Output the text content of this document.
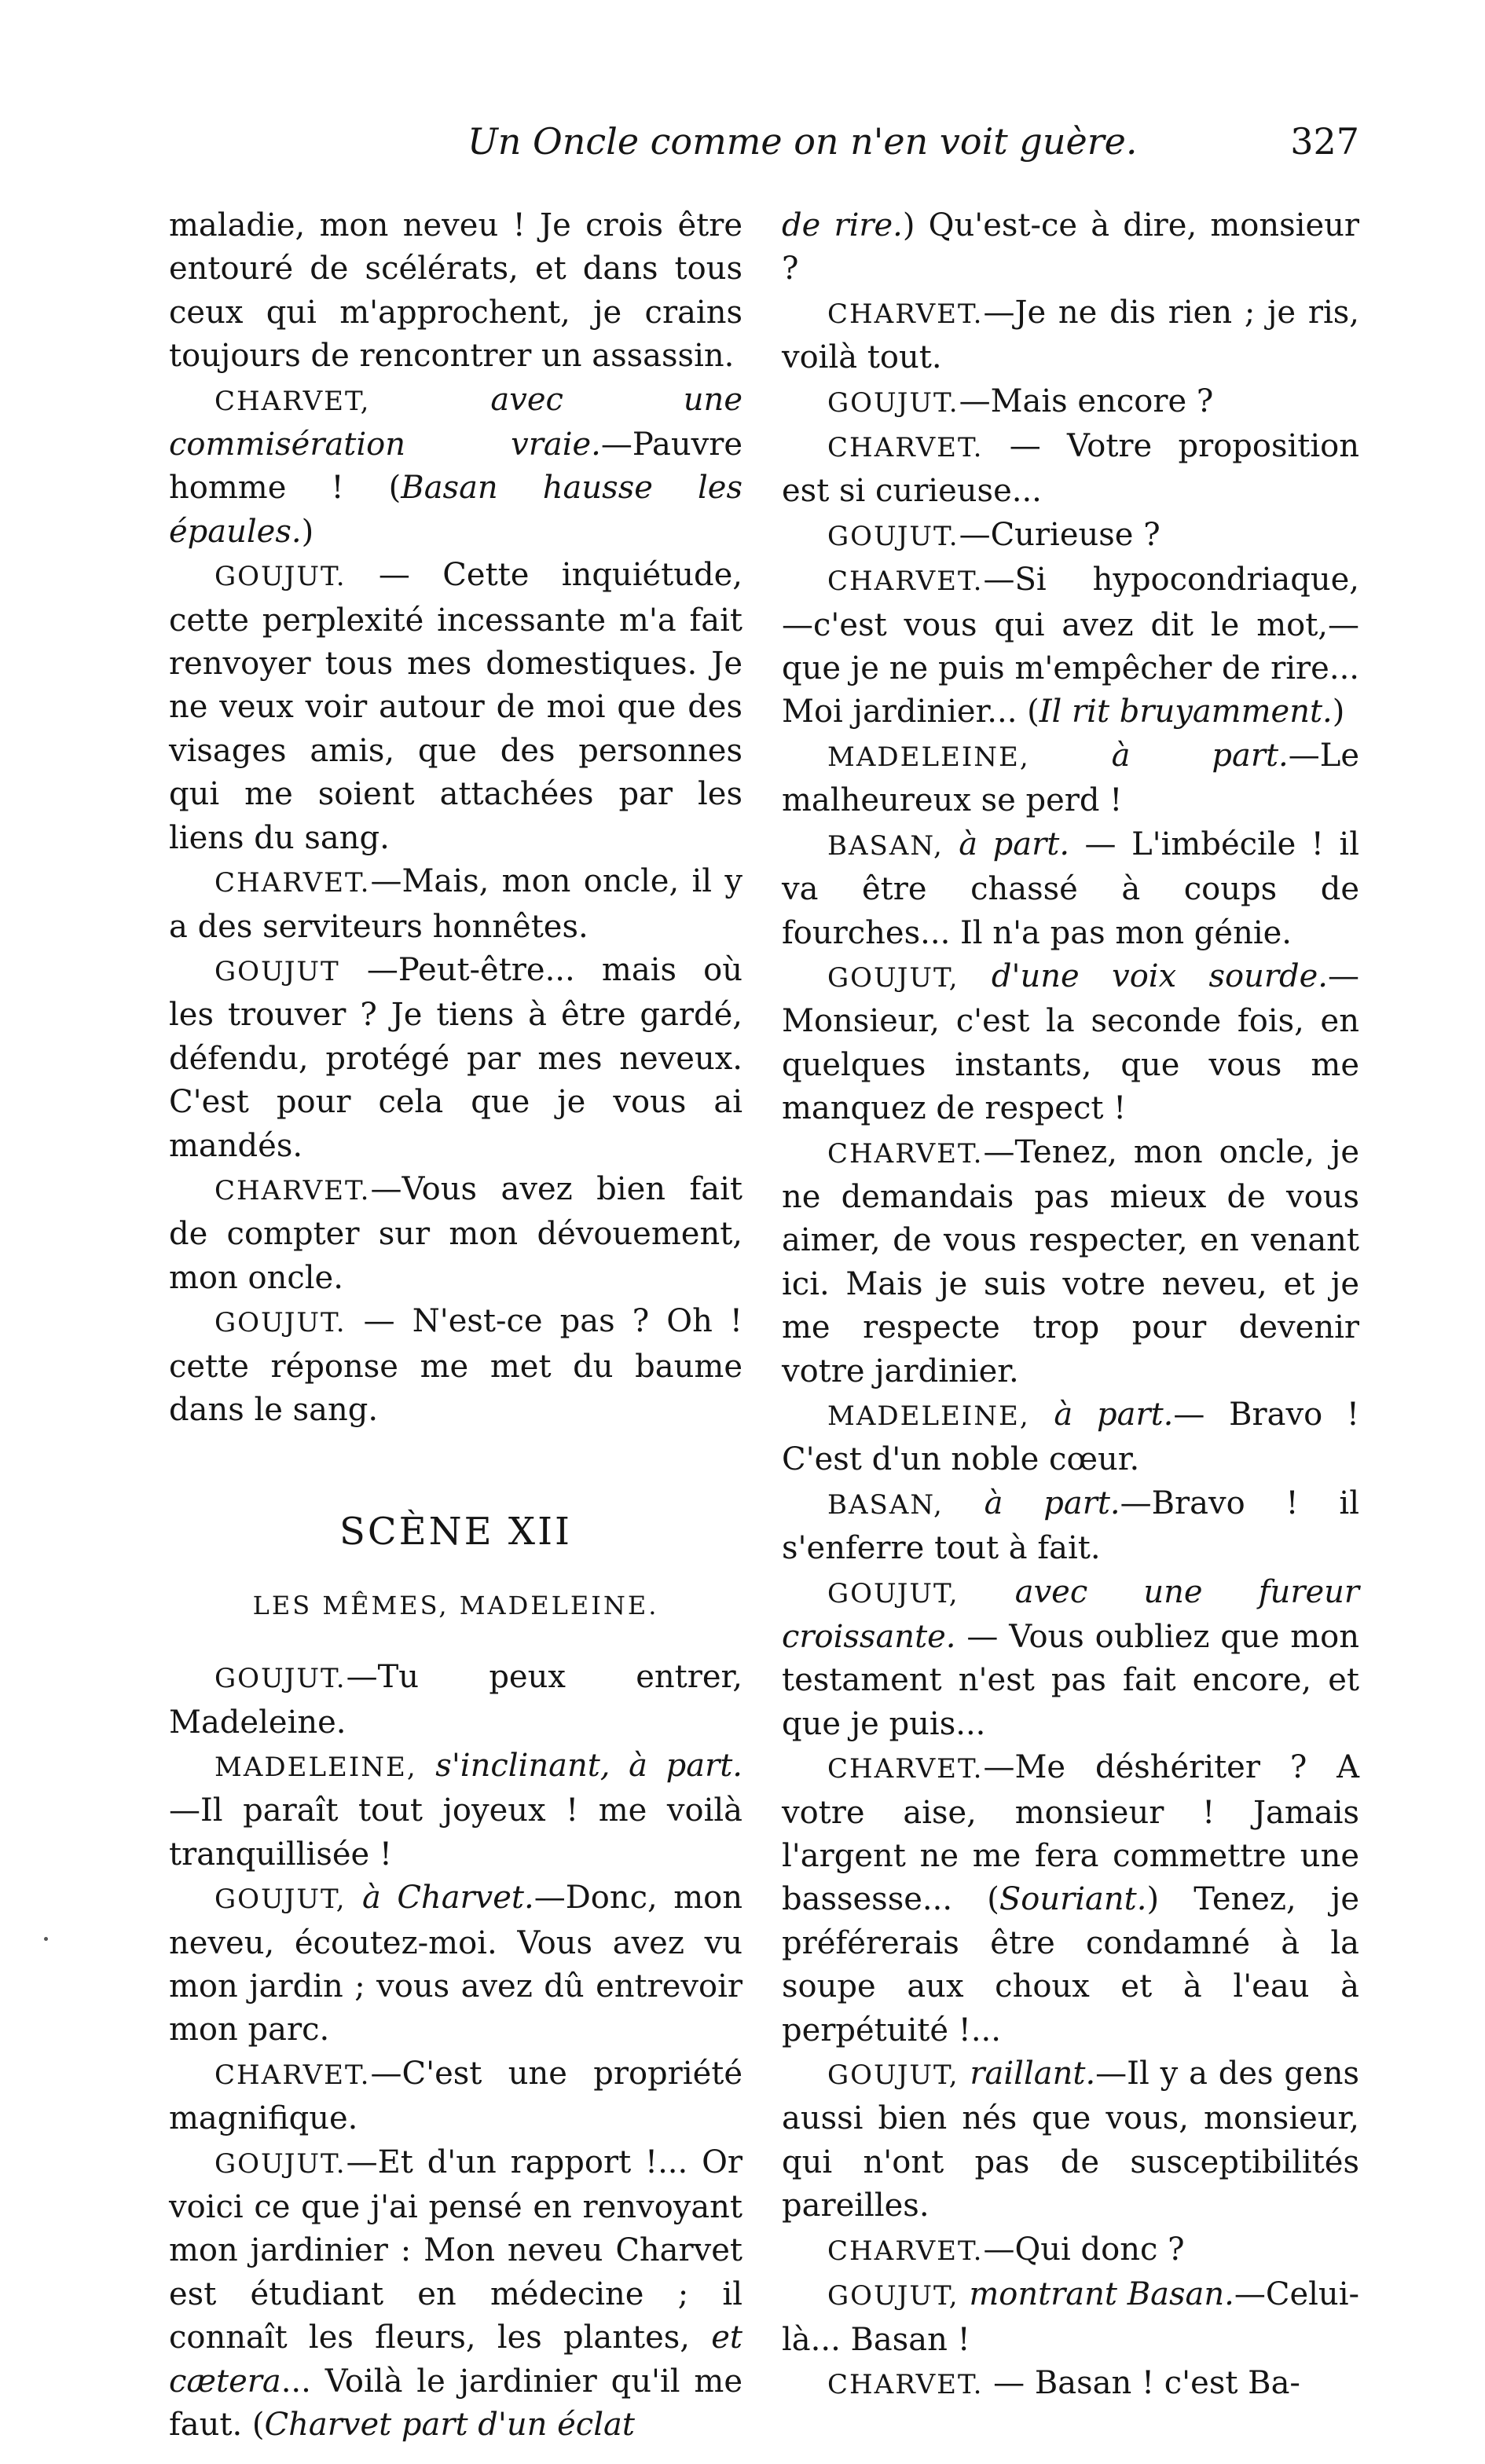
Un Oncle comme on n'en voit guère.	327

maladie, mon neveu ! Je crois être entouré de scélérats, et dans tous ceux qui m'approchent, je crains toujours de rencontrer un assassin.

CHARVET, avec une commisération vraie.—Pauvre homme ! (Basan hausse les épaules.)

GOUJUT. — Cette inquiétude, cette perplexité incessante m'a fait renvoyer tous mes domestiques. Je ne veux voir autour de moi que des visages amis, que des personnes qui me soient attachées par les liens du sang.

CHARVET.—Mais, mon oncle, il y a des serviteurs honnêtes.

GOUJUT —Peut-être... mais où les trouver ? Je tiens à être gardé, défendu, protégé par mes neveux. C'est pour cela que je vous ai mandés.

CHARVET.—Vous avez bien fait de compter sur mon dévouement, mon oncle.

GOUJUT. — N'est-ce pas ? Oh ! cette réponse me met du baume dans le sang.

SCÈNE XII

LES MÊMES, MADELEINE.

GOUJUT.—Tu peux entrer, Madeleine.

MADELEINE, s'inclinant, à part. —Il paraît tout joyeux ! me voilà tranquillisée !

GOUJUT, à Charvet.—Donc, mon neveu, écoutez-moi. Vous avez vu mon jardin ; vous avez dû entrevoir mon parc.

CHARVET.—C'est une propriété magnifique.

GOUJUT.—Et d'un rapport !... Or voici ce que j'ai pensé en renvoyant mon jardinier : Mon neveu Charvet est étudiant en médecine ; il connaît les fleurs, les plantes, et cætera... Voilà le jardinier qu'il me faut. (Charvet part d'un éclat

de rire.) Qu'est-ce à dire, monsieur ?

CHARVET.—Je ne dis rien ; je ris, voilà tout.

GOUJUT.—Mais encore ?

CHARVET. — Votre proposition est si curieuse...

GOUJUT.—Curieuse ?

CHARVET.—Si hypocondriaque, —c'est vous qui avez dit le mot,— que je ne puis m'empêcher de rire... Moi jardinier... (Il rit bruyamment.)

MADELEINE, à part.—Le malheureux se perd !

BASAN, à part. — L'imbécile ! il va être chassé à coups de fourches... Il n'a pas mon génie.

GOUJUT, d'une voix sourde.— Monsieur, c'est la seconde fois, en quelques instants, que vous me manquez de respect !

CHARVET.—Tenez, mon oncle, je ne demandais pas mieux de vous aimer, de vous respecter, en venant ici. Mais je suis votre neveu, et je me respecte trop pour devenir votre jardinier.

MADELEINE, à part.— Bravo ! C'est d'un noble cœur.

BASAN, à part.—Bravo ! il s'enferre tout à fait.

GOUJUT, avec une fureur croissante. — Vous oubliez que mon testament n'est pas fait encore, et que je puis...

CHARVET.—Me déshériter ? A votre aise, monsieur ! Jamais l'argent ne me fera commettre une bassesse... (Souriant.) Tenez, je préférerais être condamné à la soupe aux choux et à l'eau à perpétuité !...

GOUJUT, raillant.—Il y a des gens aussi bien nés que vous, monsieur, qui n'ont pas de susceptibilités pareilles.

CHARVET.—Qui donc ?

GOUJUT, montrant Basan.—Celui-là... Basan !

CHARVET. — Basan ! c'est Ba-
